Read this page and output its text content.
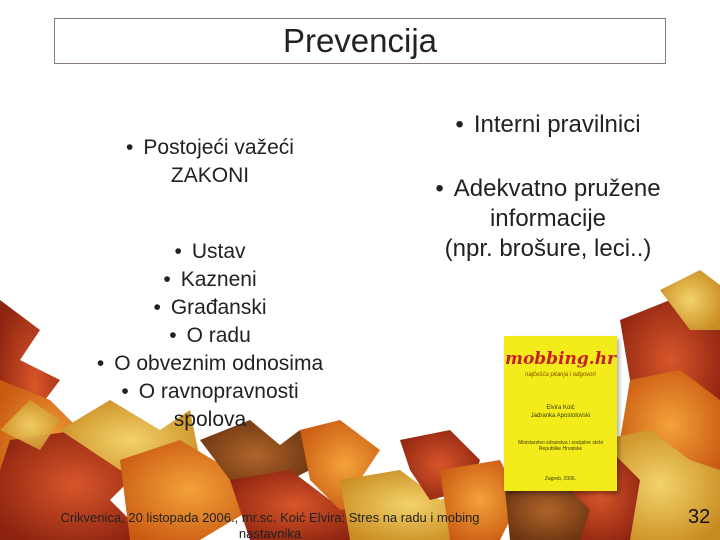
Prevencija
• Postojeći važeći
ZAKONI
• Ustav
• Kazneni
• Građanski
• O radu
• O obveznim odnosima
• O ravnopravnosti
spolova
• Interni pravilnici
• Adekvatno pružene
informacije
(npr. brošure, leci..)
mobbing.hr
najčešća pitanja i odgovori
Elvira Koić
Jadranka Apostolovski
Ministarstvo zdravstva i socijalne skrbi Republike Hrvatske
Zagreb, 2006.
Crikvenica, 20 listopada 2006., mr.sc. Koić Elvira: Stres na radu i mobing
nastavnika
32
